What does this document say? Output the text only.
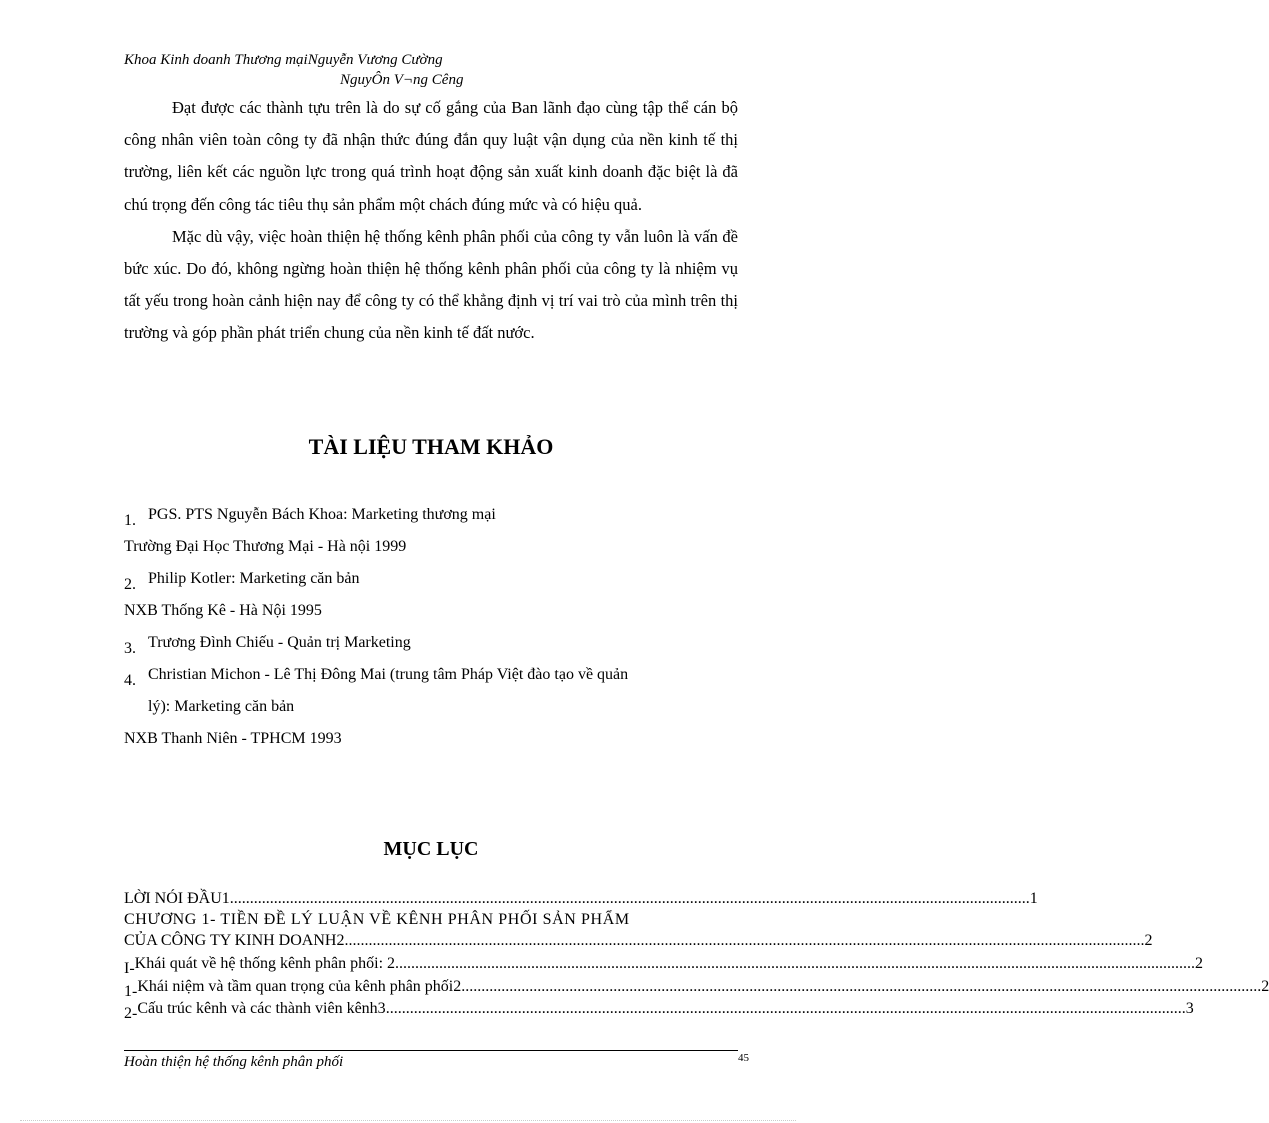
Khoa Kinh doanh Thương mạiNguyễn Vương Cường
NguyÔn V¬ng Cêng

Đạt được các thành tựu trên là do sự cố gắng của Ban lãnh đạo cùng tập thể cán bộ công nhân viên toàn công ty đã nhận thức đúng đắn quy luật vận dụng của nền kinh tế thị trường, liên kết các nguồn lực trong quá trình hoạt động sản xuất kinh doanh đặc biệt là đã chú trọng đến công tác tiêu thụ sản phẩm một chách đúng mức và có hiệu quả.

Mặc dù vậy, việc hoàn thiện hệ thống kênh phân phối của công ty vẫn luôn là vấn đề bức xúc. Do đó, không ngừng hoàn thiện hệ thống kênh phân phối của công ty là nhiệm vụ tất yếu trong hoàn cảnh hiện nay để công ty có thể khẳng định vị trí vai trò của mình trên thị trường và góp phần phát triển chung của nền kinh tế đất nước.

TÀI LIỆU THAM KHẢO
1. PGS. PTS Nguyễn Bách Khoa: Marketing thương mại
Trường Đại Học Thương Mại - Hà nội 1999
2. Philip Kotler: Marketing căn bản
NXB Thống Kê - Hà Nội 1995
3. Trương Đình Chiếu - Quản trị Marketing
4. Christian Michon - Lê Thị Đông Mai (trung tâm Pháp Việt đào tạo về quản
lý): Marketing căn bản
NXB Thanh Niên - TPHCM 1993
MỤC LỤC
LỜI NÓI ĐẦU1 ........................................................................................................................................................................................................ 1
CHƯƠNG 1- TIỀN ĐỀ LÝ LUẬN VỀ KÊNH PHÂN PHỐI SẢN PHẨM
CỦA CÔNG TY KINH DOANH2 ........................................................................................................................................................................................................ 2
I- Khái quát về hệ thống kênh phân phối: 2 ........................................................................................................................................................................................................ 2
1- Khái niệm và tầm quan trọng của kênh phân phối2 ........................................................................................................................................................................................................ 2
2- Cấu trúc kênh và các thành viên kênh3 ........................................................................................................................................................................................................ 3
Hoàn thiện hệ thống kênh phân phối	45
